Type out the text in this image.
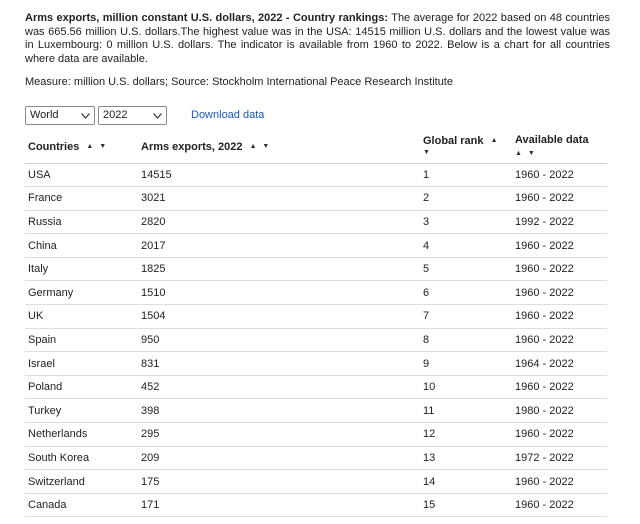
Arms exports, million constant U.S. dollars, 2022 - Country rankings: The average for 2022 based on 48 countries was 665.56 million U.S. dollars.The highest value was in the USA: 14515 million U.S. dollars and the lowest value was in Luxembourg: 0 million U.S. dollars. The indicator is available from 1960 to 2022. Below is a chart for all countries where data are available.
Measure: million U.S. dollars; Source: Stockholm International Peace Research Institute
World	2022	Download data
Countries ▲ ▼	Arms exports, 2022 ▲ ▼	Global rank ▲ ▼	Available data
▲ ▼

USA	14515	1	1960 - 2022
France	3021	2	1960 - 2022
Russia	2820	3	1992 - 2022
China	2017	4	1960 - 2022
Italy	1825	5	1960 - 2022
Germany	1510	6	1960 - 2022
UK	1504	7	1960 - 2022
Spain	950	8	1960 - 2022
Israel	831	9	1964 - 2022
Poland	452	10	1960 - 2022
Turkey	398	11	1980 - 2022
Netherlands	295	12	1960 - 2022
South Korea	209	13	1972 - 2022
Switzerland	175	14	1960 - 2022
Canada	171	15	1960 - 2022
